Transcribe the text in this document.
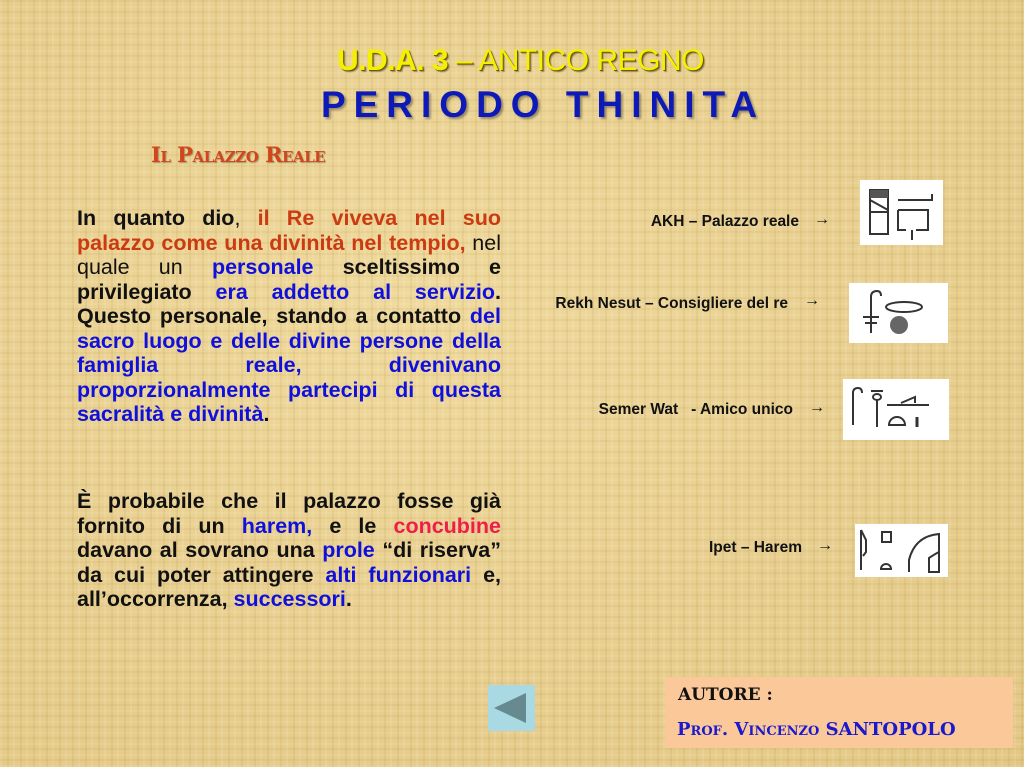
U.D.A. 3 – ANTICO REGNO
PERIODO THINITA
Il Palazzo Reale
In quanto dio, il Re viveva nel suo palazzo come una divinità nel tempio, nel quale un personale sceltissimo e privilegiato era addetto al servizio. Questo personale, stando a contatto del sacro luogo e delle divine persone della famiglia reale, divenivano proporzionalmente partecipi di questa sacralità e divinità.
È probabile che il palazzo fosse già fornito di un harem, e le concubine davano al sovrano una prole “di riserva” da cui poter attingere alti funzionari e, all’occorrenza, successori.
AKH – Palazzo reale →
Rekh Nesut – Consigliere del re →
Semer Wat   - Amico unico →
Ipet – Harem →
AUTORE :
Prof. Vincenzo SANTOPOLO
